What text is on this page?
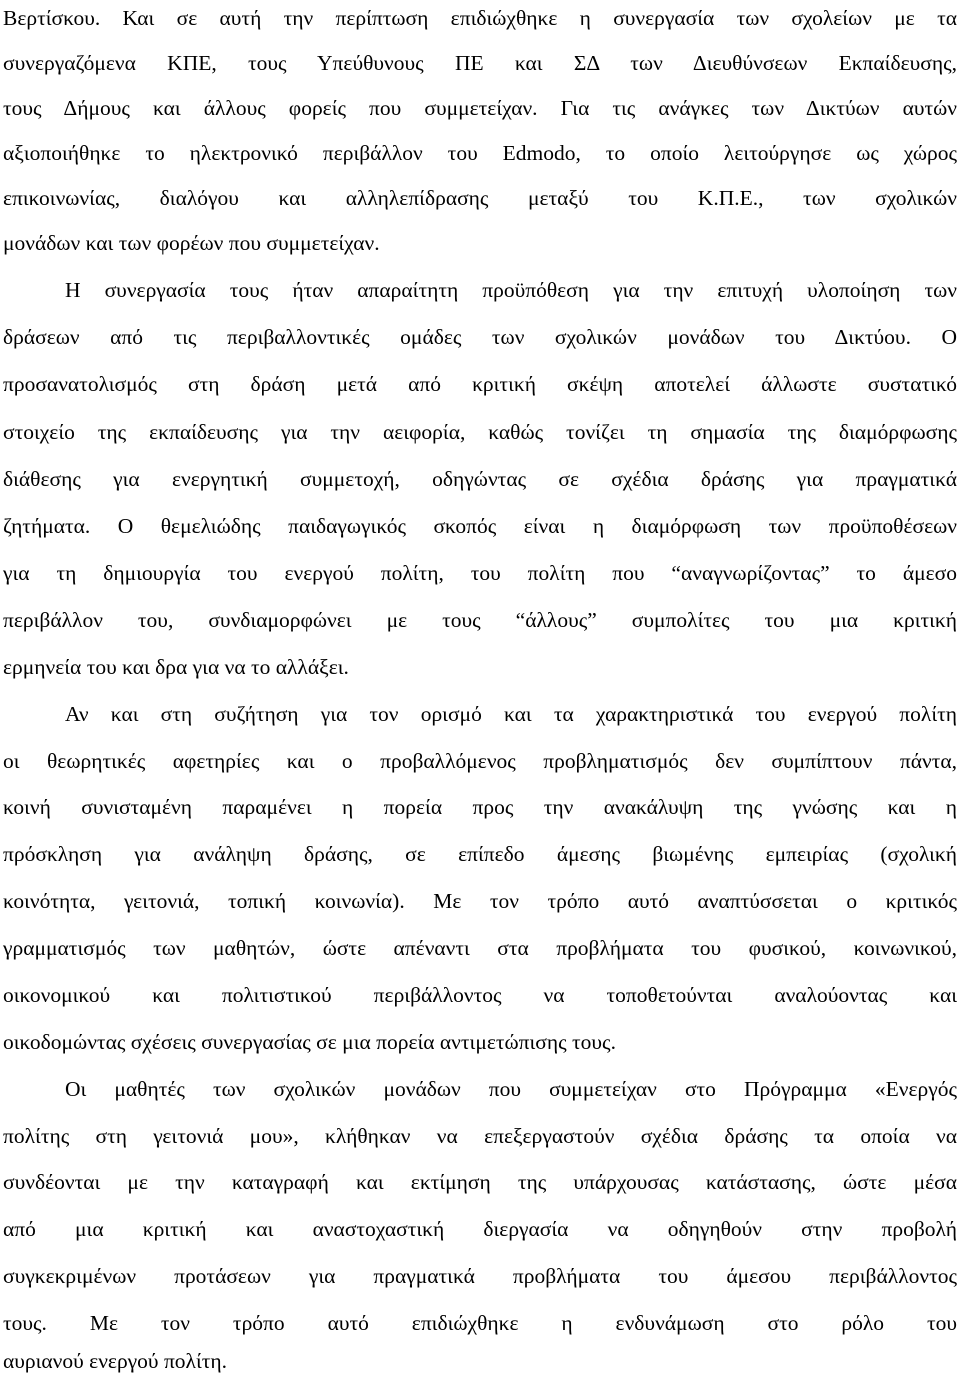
Βερτίσκου. Και σε αυτή την περίπτωση επιδιώχθηκε η συνεργασία των σχολείων με τα
συνεργαζόμενα ΚΠΕ, τους Υπεύθυνους ΠΕ και ΣΔ των Διευθύνσεων Εκπαίδευσης,
τους Δήμους και άλλους φορείς που συμμετείχαν. Για τις ανάγκες των Δικτύων αυτών
αξιοποιήθηκε το ηλεκτρονικό περιβάλλον του Edmodo, το οποίο λειτούργησε ως χώρος
επικοινωνίας, διαλόγου και αλληλεπίδρασης μεταξύ του Κ.Π.Ε., των σχολικών
μονάδων και των φορέων που συμμετείχαν.
Η συνεργασία τους ήταν απαραίτητη προϋπόθεση για την επιτυχή υλοποίηση των
δράσεων από τις περιβαλλοντικές ομάδες των σχολικών μονάδων του Δικτύου. Ο
προσανατολισμός στη δράση μετά από κριτική σκέψη αποτελεί άλλωστε συστατικό
στοιχείο της εκπαίδευσης για την αειφορία, καθώς τονίζει τη σημασία της διαμόρφωσης
διάθεσης για ενεργητική συμμετοχή, οδηγώντας σε σχέδια δράσης για πραγματικά
ζητήματα. Ο θεμελιώδης παιδαγωγικός σκοπός είναι η διαμόρφωση των προϋποθέσεων
για τη δημιουργία του ενεργού πολίτη, του πολίτη που “αναγνωρίζοντας” το άμεσο
περιβάλλον του, συνδιαμορφώνει με τους “άλλους” συμπολίτες του μια κριτική
ερμηνεία του και δρα για να το αλλάξει.
Αν και στη συζήτηση για τον ορισμό και τα χαρακτηριστικά του ενεργού πολίτη
οι θεωρητικές αφετηρίες και ο προβαλλόμενος προβληματισμός δεν συμπίπτουν πάντα,
κοινή συνισταμένη παραμένει η πορεία προς την ανακάλυψη της γνώσης και η
πρόσκληση για ανάληψη δράσης, σε επίπεδο άμεσης βιωμένης εμπειρίας (σχολική
κοινότητα, γειτονιά, τοπική κοινωνία). Με τον τρόπο αυτό αναπτύσσεται ο κριτικός
γραμματισμός των μαθητών, ώστε απέναντι στα προβλήματα του φυσικού, κοινωνικού,
οικονομικού και πολιτιστικού περιβάλλοντος να τοποθετούνται αναλούοντας και
οικοδομώντας σχέσεις συνεργασίας σε μια πορεία αντιμετώπισης τους.
Οι μαθητές των σχολικών μονάδων που συμμετείχαν στο Πρόγραμμα «Ενεργός
πολίτης στη γειτονιά μου», κλήθηκαν να επεξεργαστούν σχέδια δράσης τα οποία να
συνδέονται με την καταγραφή και εκτίμηση της υπάρχουσας κατάστασης, ώστε μέσα
από μια κριτική και αναστοχαστική διεργασία να οδηγηθούν στην προβολή
συγκεκριμένων προτάσεων για πραγματικά προβλήματα του άμεσου περιβάλλοντος
τους. Με τον τρόπο αυτό επιδιώχθηκε η ενδυνάμωση στο ρόλο του
αυριανού ενεργού πολίτη.
